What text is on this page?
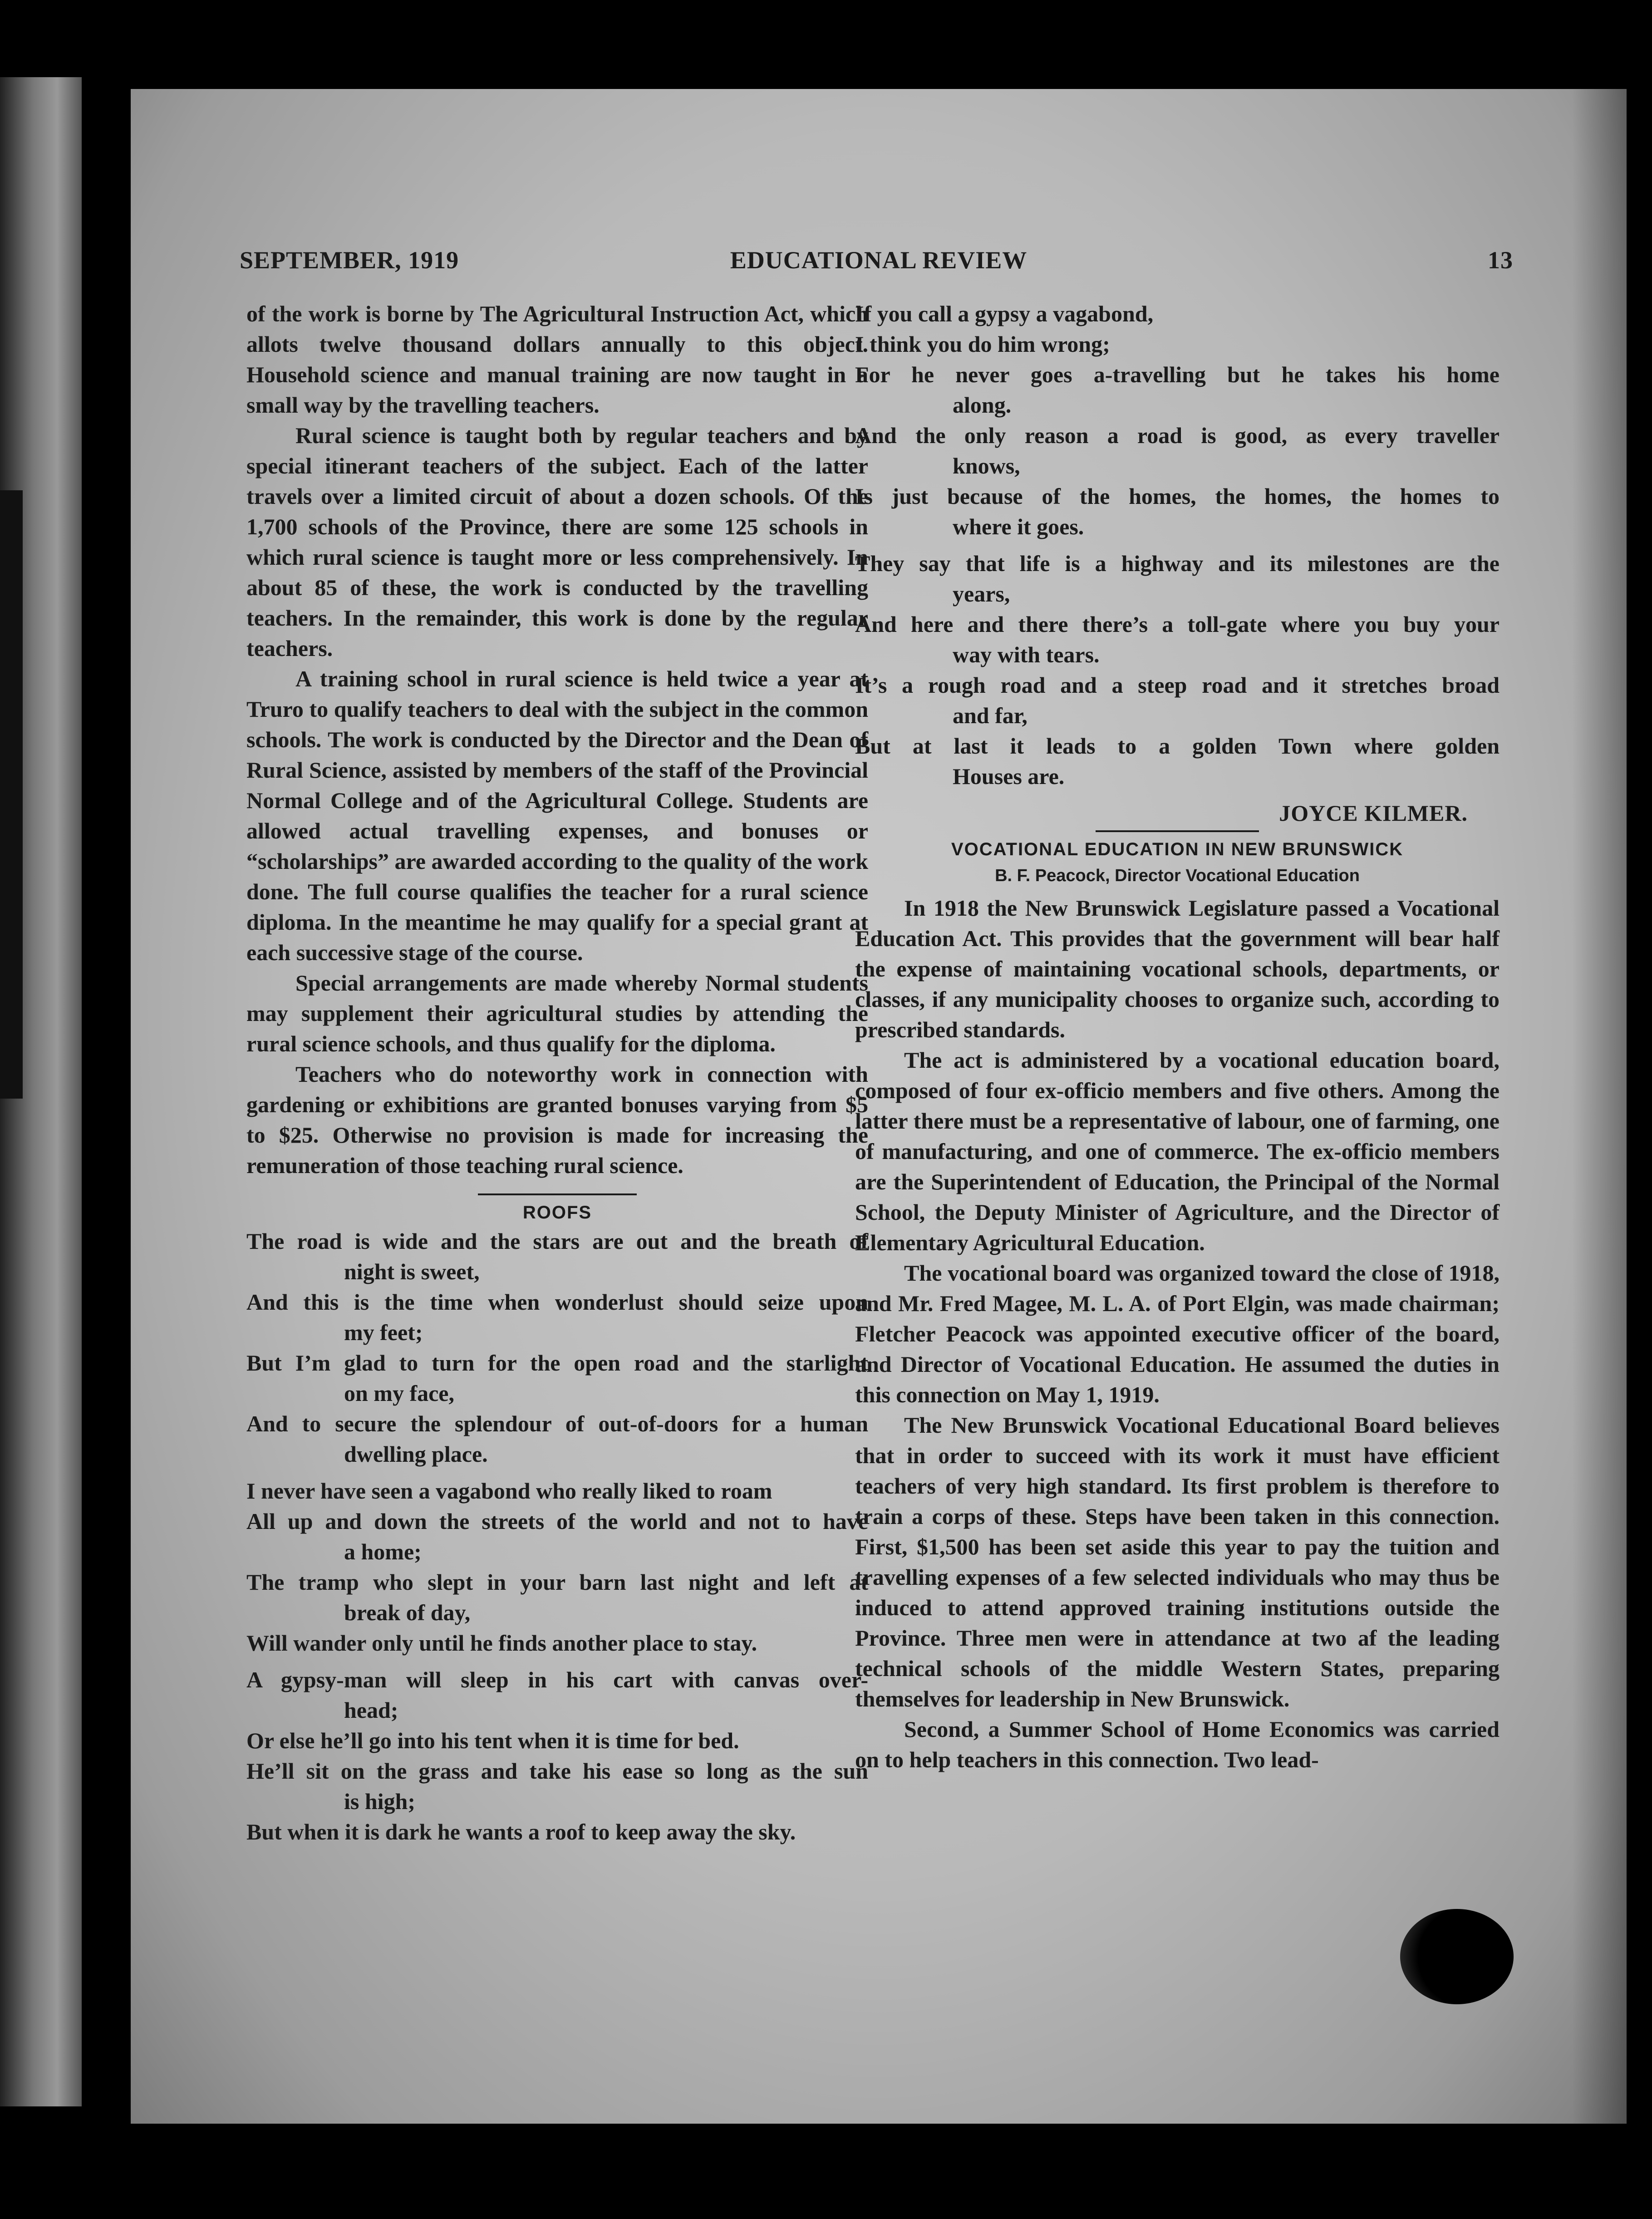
SEPTEMBER, 1919	EDUCATIONAL REVIEW	13

of the work is borne by The Agricultural Instruction Act, which allots twelve thousand dollars annually to this object. Household science and manual training are now taught in a small way by the travelling teachers.

Rural science is taught both by regular teachers and by special itinerant teachers of the subject. Each of the latter travels over a limited circuit of about a dozen schools. Of the 1,700 schools of the Province, there are some 125 schools in which rural science is taught more or less comprehensively. In about 85 of these, the work is conducted by the travelling teachers. In the remainder, this work is done by the regular teachers.

A training school in rural science is held twice a year at Truro to qualify teachers to deal with the subject in the common schools. The work is conducted by the Director and the Dean of Rural Science, assisted by members of the staff of the Provincial Normal College and of the Agricultural College. Students are allowed actual travelling expenses, and bonuses or “scholarships” are awarded according to the quality of the work done. The full course qualifies the teacher for a rural science diploma. In the meantime he may qualify for a special grant at each successive stage of the course.

Special arrangements are made whereby Normal students may supplement their agricultural studies by attending the rural science schools, and thus qualify for the diploma.

Teachers who do noteworthy work in connection with gardening or exhibitions are granted bonuses varying from $5 to $25. Otherwise no provision is made for increasing the remuneration of those teaching rural science.

ROOFS

The road is wide and the stars are out and the breath of
night is sweet,
And this is the time when wonderlust should seize upon
my feet;
But I’m glad to turn for the open road and the starlight
on my face,
And to secure the splendour of out-of-doors for a human
dwelling place.
I never have seen a vagabond who really liked to roam
All up and down the streets of the world and not to have
a home;
The tramp who slept in your barn last night and left at
break of day,
Will wander only until he finds another place to stay.
A gypsy-man will sleep in his cart with canvas over-
head;
Or else he’ll go into his tent when it is time for bed.
He’ll sit on the grass and take his ease so long as the sun
is high;
But when it is dark he wants a roof to keep away the sky.
If you call a gypsy a vagabond,
I think you do him wrong;
For he never goes a-travelling but he takes his home
along.
And the only reason a road is good, as every traveller
knows,
Is just because of the homes, the homes, the homes to
where it goes.
They say that life is a highway and its milestones are the
years,
And here and there there’s a toll-gate where you buy your
way with tears.
It’s a rough road and a steep road and it stretches broad
and far,
But at last it leads to a golden Town where golden
Houses are.
JOYCE KILMER.

VOCATIONAL EDUCATION IN NEW BRUNSWICK

B. F. Peacock, Director Vocational Education

In 1918 the New Brunswick Legislature passed a Vocational Education Act. This provides that the government will bear half the expense of maintaining vocational schools, departments, or classes, if any municipality chooses to organize such, according to prescribed standards.

The act is administered by a vocational education board, composed of four ex-officio members and five others. Among the latter there must be a representative of labour, one of farming, one of manufacturing, and one of commerce. The ex-officio members are the Superintendent of Education, the Principal of the Normal School, the Deputy Minister of Agriculture, and the Director of Elementary Agricultural Education.

The vocational board was organized toward the close of 1918, and Mr. Fred Magee, M. L. A. of Port Elgin, was made chairman; Fletcher Peacock was appointed executive officer of the board, and Director of Vocational Education. He assumed the duties in this connection on May 1, 1919.

The New Brunswick Vocational Educational Board believes that in order to succeed with its work it must have efficient teachers of very high standard. Its first problem is therefore to train a corps of these. Steps have been taken in this connection. First, $1,500 has been set aside this year to pay the tuition and travelling expenses of a few selected individuals who may thus be induced to attend approved training institutions outside the Province. Three men were in attendance at two af the leading technical schools of the middle Western States, preparing themselves for leadership in New Brunswick.

Second, a Summer School of Home Economics was carried on to help teachers in this connection. Two lead-
